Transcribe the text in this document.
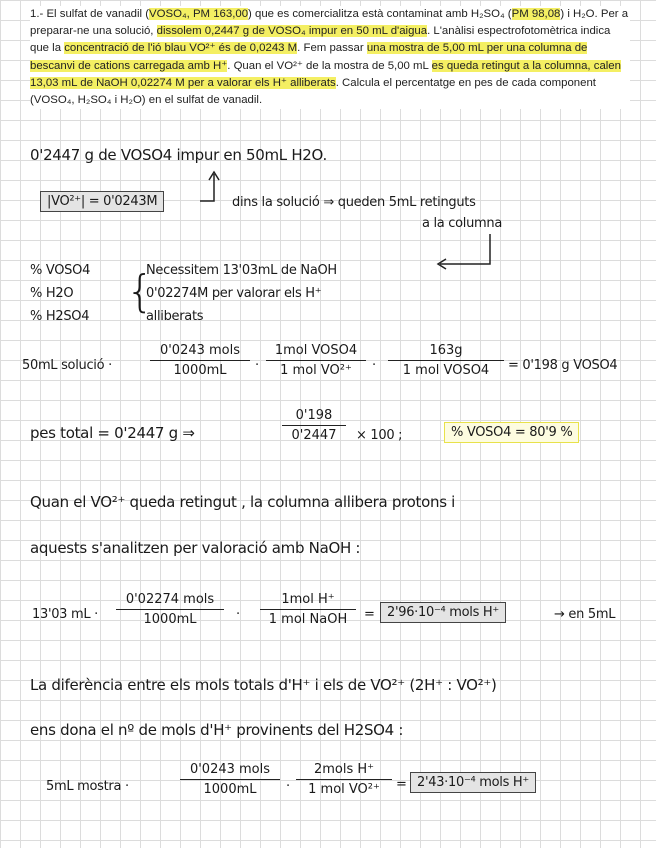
1.- El sulfat de vanadil (VOSO₄, PM 163,00) que es comercialitza està contaminat amb H₂SO₄ (PM 98,08) i H₂O. Per a preparar-ne una solució, dissolem 0,2447 g de VOSO₄ impur en 50 mL d'aigua. L'anàlisi espectrofotomètrica indica que la concentració de l'ió blau VO²⁺ és de 0,0243 M. Fem passar una mostra de 5,00 mL per una columna de bescanvi de cations carregada amb H⁺. Quan el VO²⁺ de la mostra de 5,00 mL es queda retingut a la columna, calen 13,03 mL de NaOH 0,02274 M per a valorar els H⁺ alliberats. Calcula el percentatge en pes de cada component (VOSO₄, H₂SO₄ i H₂O) en el sulfat de vanadil.
0'2447 g de VOSO4 impur en 50mL H2O.
|VO²⁺| = 0'0243M	dins la solució ⇒ queden 5mL retinguts
a la columna
% VOSO4
% H2O
% H2SO4 {
Necessitem 13'03mL de NaOH
0'02274M per valorar els H⁺
alliberats
50mL solució ·
0'0243 mols
1000mL	·
1mol VOSO4
1 mol VO²⁺	·
163g
1 mol VOSO4	= 0'198 g VOSO4
pes total = 0'2447 g ⇒	$\frac{0'198}{0'2447} \times 100$ ;	% VOSO4 = 80'9 %
Quan el VO²⁺ queda retingut , la columna allibera protons i
aquests s'analitzen per valoració amb NaOH :
13'03 mL ·
0'02274 mols
1000mL	·
1mol H⁺
1 mol NaOH	= 2'96·10⁻⁴ mols H⁺	→ en 5mL
La diferència entre els mols totals d'H⁺ i els de VO²⁺ (2H⁺ : VO²⁺)
ens dona el nº de mols d'H⁺ provinents del H2SO4 :
5mL mostra ·
0'0243 mols
1000mL	·
2mols H⁺
1 mol VO²⁺	= 2'43·10⁻⁴ mols H⁺
